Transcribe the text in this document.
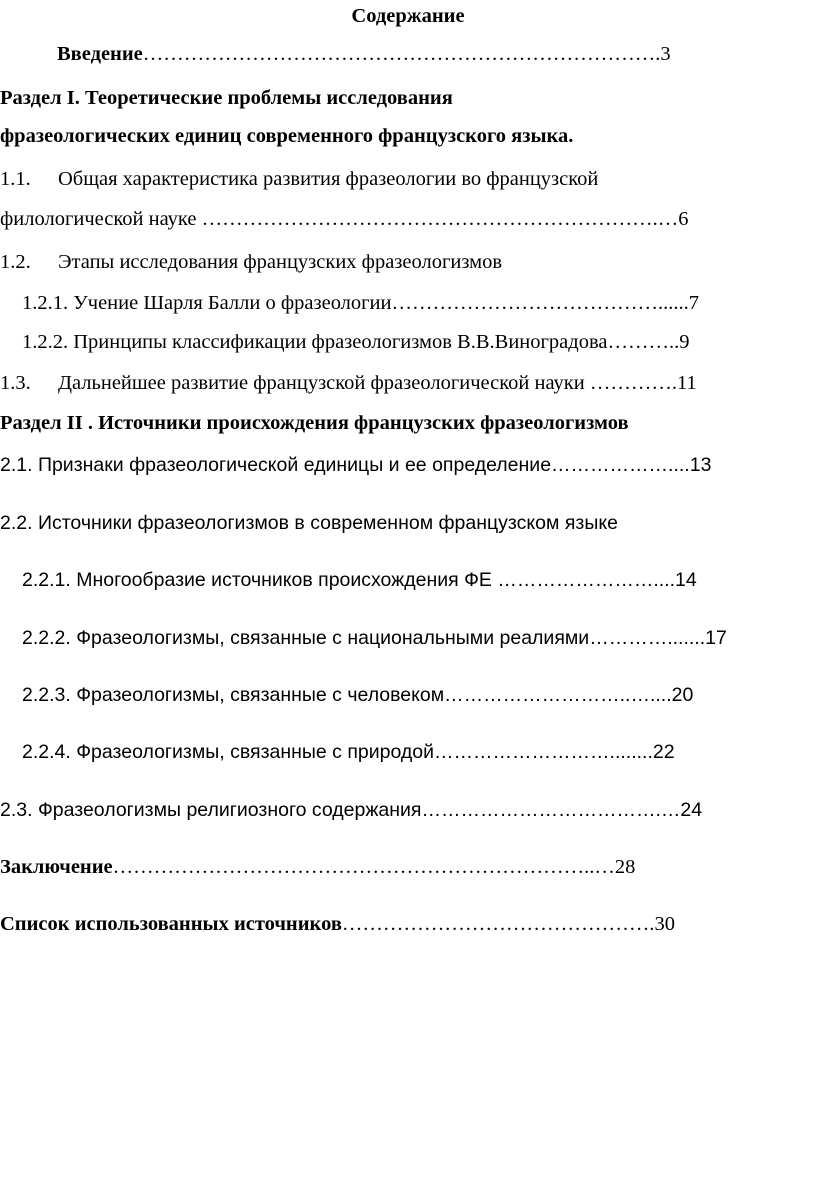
Содержание
Введение………………………………………………………………….3
Раздел I. Теоретические проблемы исследования
фразеологических единиц современного французского языка.
1.1. Общая характеристика развития фразеологии во французской
филологической науке ………………………………………………………….…6
1.2. Этапы исследования французских фразеологизмов
1.2.1. Учение Шарля Балли о фразеологии…………………………………......7
1.2.2. Принципы классификации фразеологизмов В.В.Виноградова………..9
1.3. Дальнейшее развитие французской фразеологической науки ………….11
Раздел II . Источники происхождения французских фразеологизмов
2.1. Признаки фразеологической единицы и ее определение………………....13
2.2. Источники фразеологизмов в современном французском языке
2.2.1. Многообразие источников происхождения ФЕ ……………………....14
2.2.2. Фразеологизмы, связанные с национальными реалиями………….......17
2.2.3. Фразеологизмы, связанные с человеком………………………..…....20
2.2.4. Фразеологизмы, связанные с природой………………………........22
2.3. Фразеологизмы религиозного содержания……………………………….…24
Заключение……………………………………………………………..…28
Список использованных источников……………………………………….30
